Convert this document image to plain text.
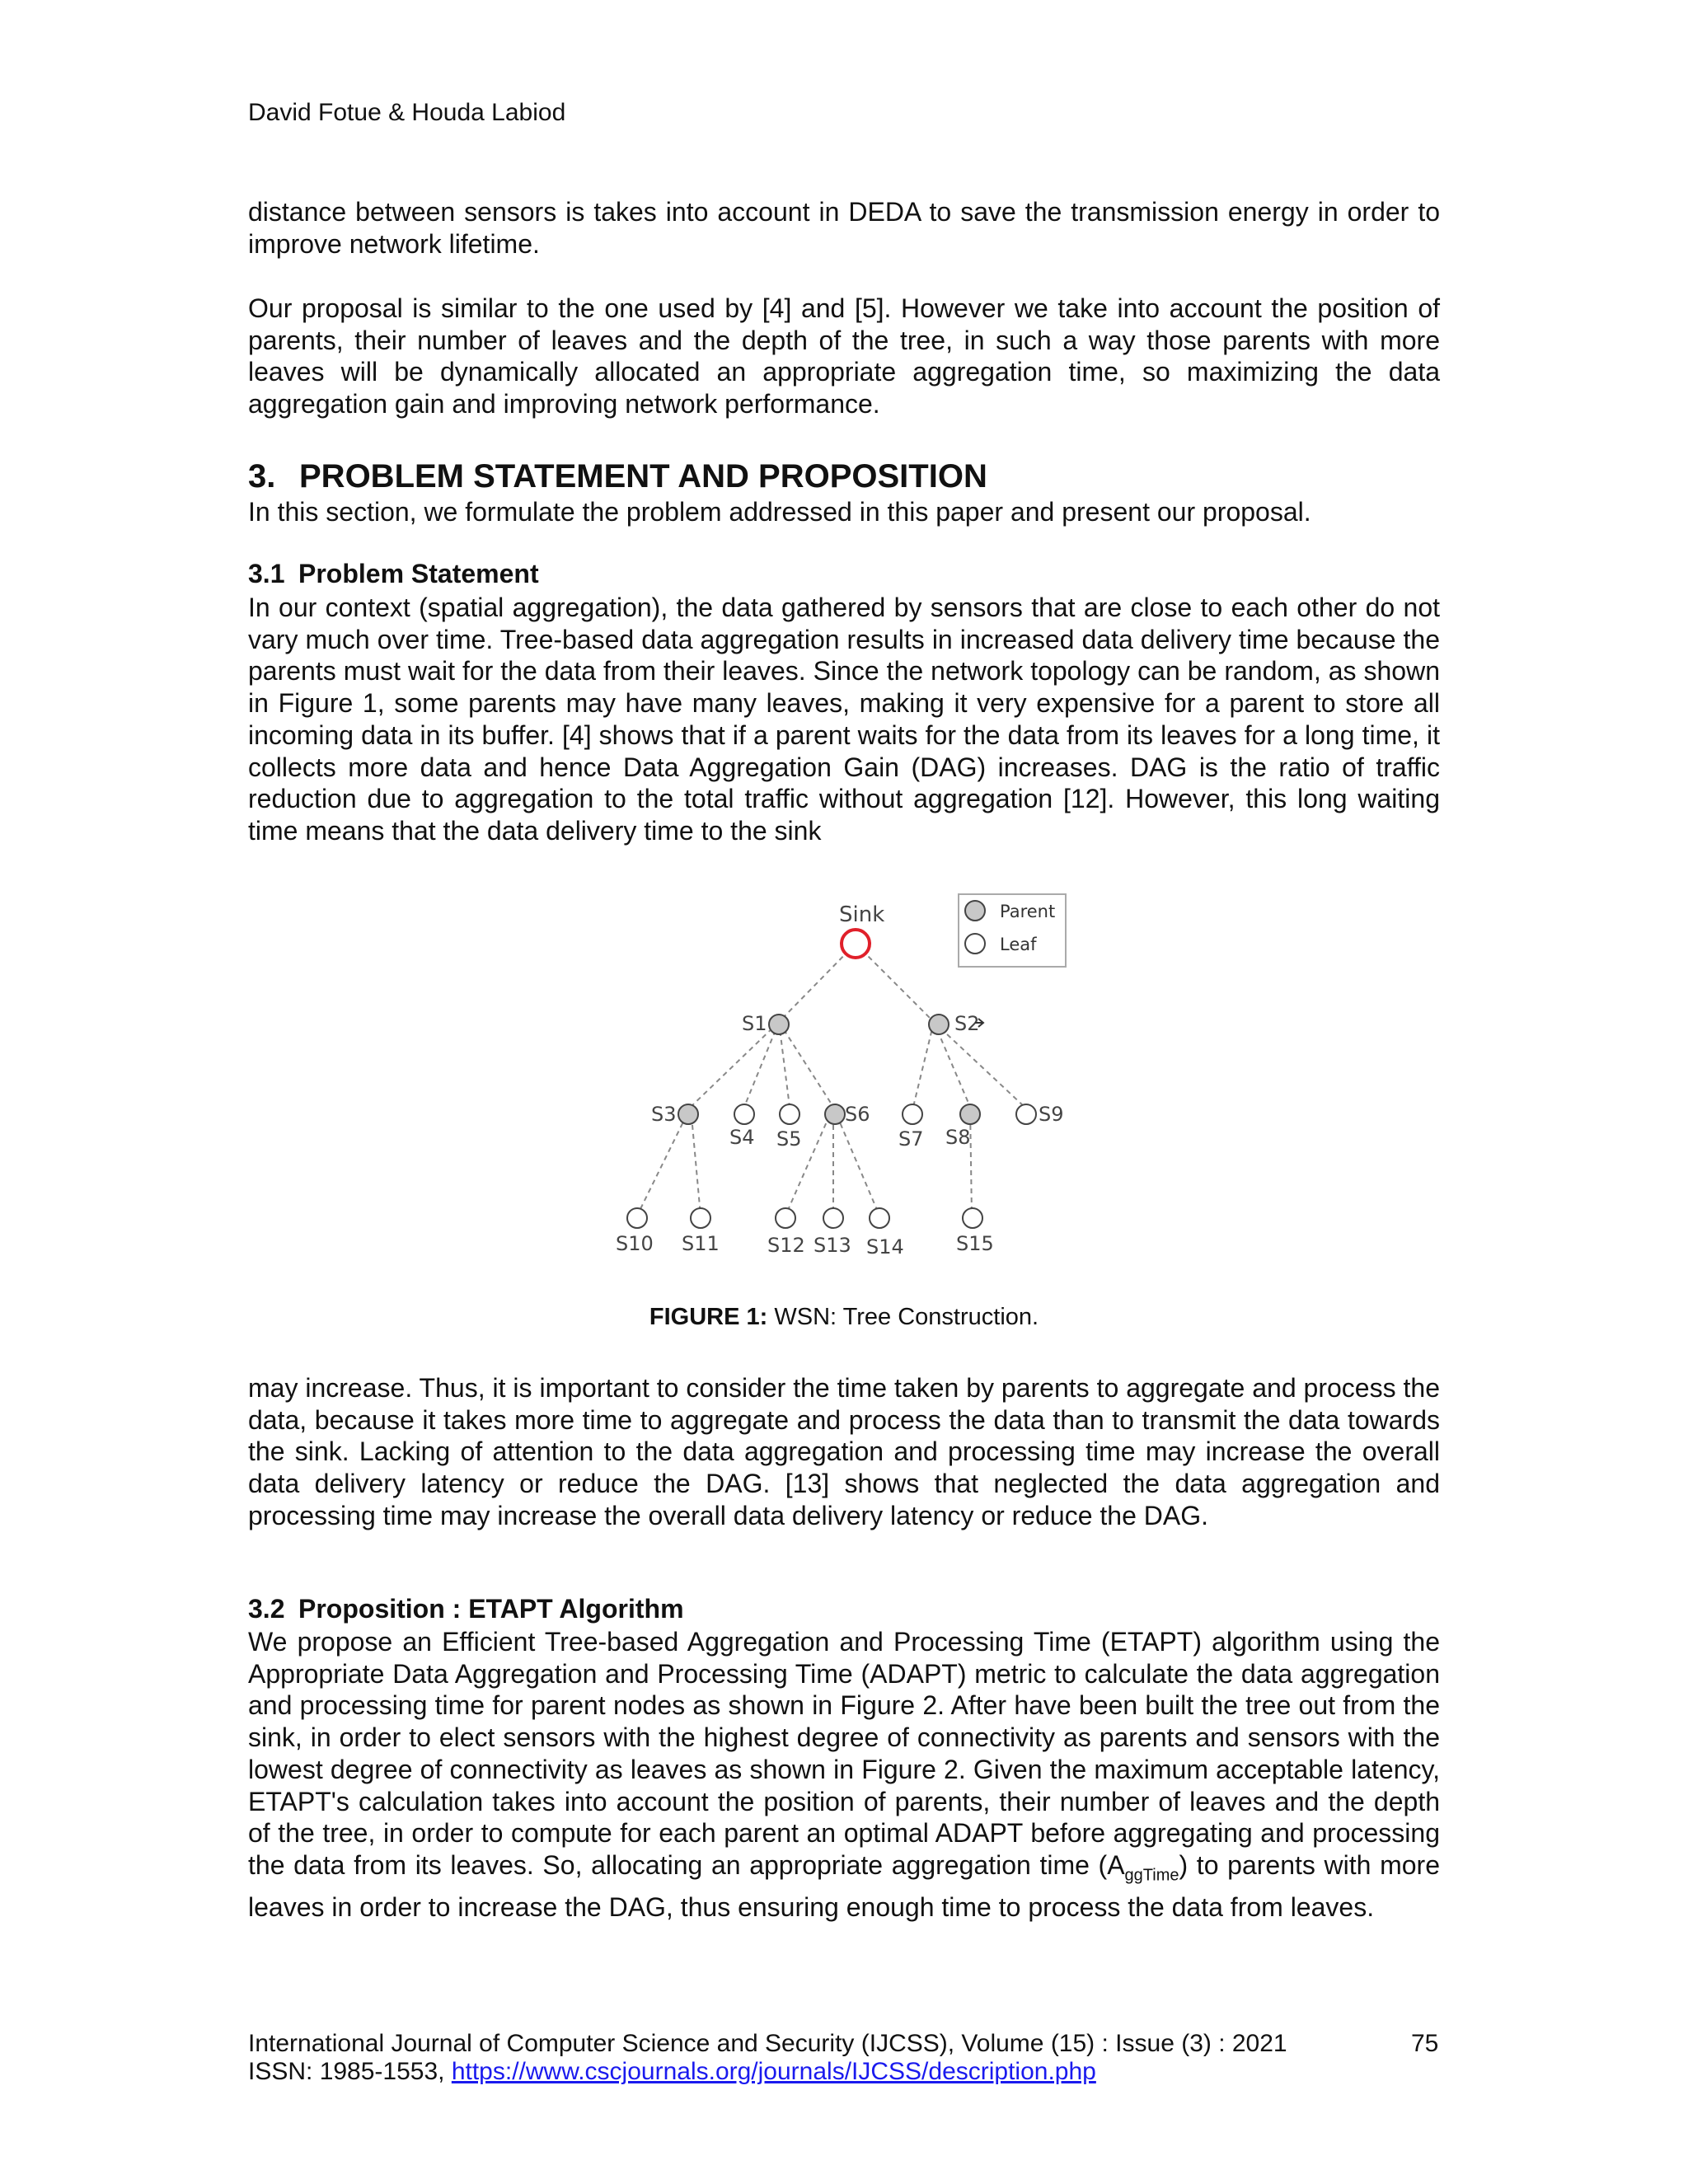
David Fotue & Houda Labiod

distance between sensors is takes into account in DEDA to save the transmission energy in order to improve network lifetime.

Our proposal is similar to the one used by [4] and [5]. However we take into account the position of parents, their number of leaves and the depth of the tree, in such a way those parents with more leaves will be dynamically allocated an appropriate aggregation time, so maximizing the data aggregation gain and improving network performance.

3. PROBLEM STATEMENT AND PROPOSITION

In this section, we formulate the problem addressed in this paper and present our proposal.

3.1 Problem Statement

In our context (spatial aggregation), the data gathered by sensors that are close to each other do not vary much over time. Tree-based data aggregation results in increased data delivery time because the parents must wait for the data from their leaves. Since the network topology can be random, as shown in Figure 1, some parents may have many leaves, making it very expensive for a parent to store all incoming data in its buffer. [4] shows that if a parent waits for the data from its leaves for a long time, it collects more data and hence Data Aggregation Gain (DAG) increases. DAG is the ratio of traffic reduction due to aggregation to the total traffic without aggregation [12]. However, this long waiting time means that the data delivery time to the sink

Sink	Parent
Leaf
S1	S2
S3
S4 S5
S6
S7 S8
S9
S10 S11 S12 S13 S14	S15
FIGURE 1: WSN: Tree Construction.

may increase. Thus, it is important to consider the time taken by parents to aggregate and process the data, because it takes more time to aggregate and process the data than to transmit the data towards the sink. Lacking of attention to the data aggregation and processing time may increase the overall data delivery latency or reduce the DAG. [13] shows that neglected the data aggregation and processing time may increase the overall data delivery latency or reduce the DAG.

3.2 Proposition : ETAPT Algorithm

We propose an Efficient Tree-based Aggregation and Processing Time (ETAPT) algorithm using the Appropriate Data Aggregation and Processing Time (ADAPT) metric to calculate the data aggregation and processing time for parent nodes as shown in Figure 2. After have been built the tree out from the sink, in order to elect sensors with the highest degree of connectivity as parents and sensors with the lowest degree of connectivity as leaves as shown in Figure 2. Given the maximum acceptable latency, ETAPT's calculation takes into account the position of parents, their number of leaves and the depth of the tree, in order to compute for each parent an optimal ADAPT before aggregating and processing the data from its leaves. So, allocating an appropriate aggregation time $(A_{ggTime})$ to parents with more leaves in order to increase the DAG, thus ensuring enough time to process the data from leaves.

International Journal of Computer Science and Security (IJCSS), Volume (15) : Issue (3) : 2021	75
ISSN: 1985-1553, https://www.cscjournals.org/journals/IJCSS/description.php
